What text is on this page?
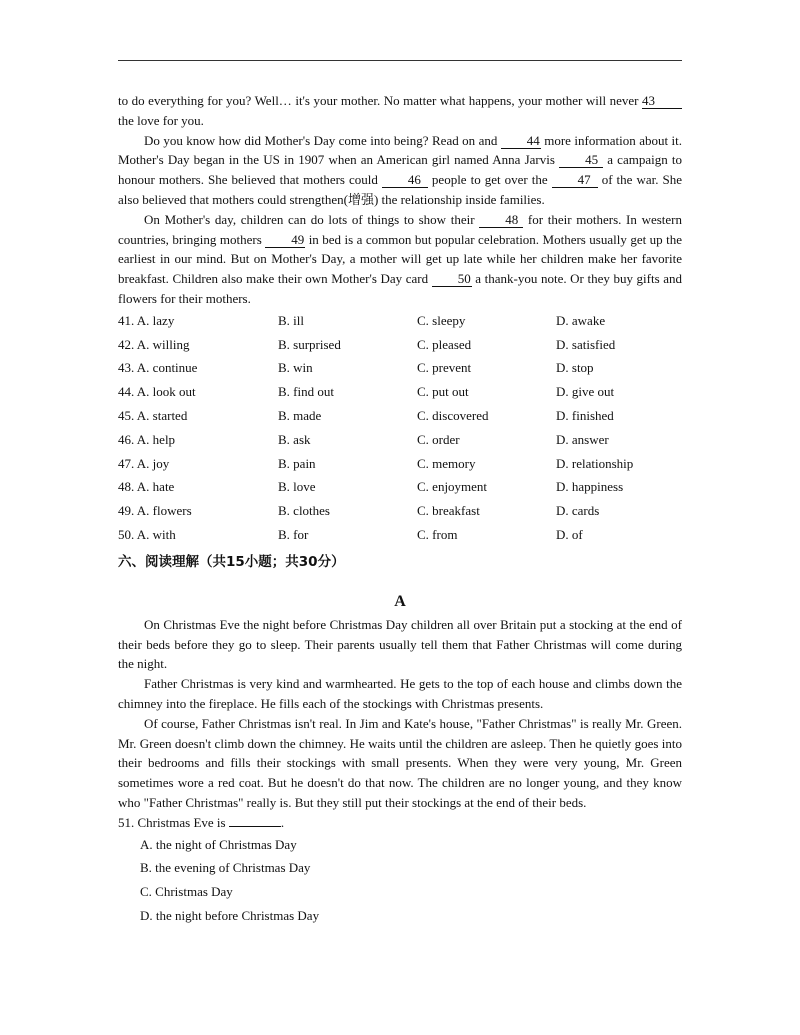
to do everything for you? Well… it's your mother. No matter what happens, your mother will never 43 the love for you.

Do you know how did Mother's Day come into being? Read on and 44 more information about it. Mother's Day began in the US in 1907 when an American girl named Anna Jarvis 45 a campaign to honour mothers. She believed that mothers could 46 people to get over the 47 of the war. She also believed that mothers could strengthen(增强) the relationship inside families.

On Mother's day, children can do lots of things to show their 48 for their mothers. In western countries, bringing mothers 49 in bed is a common but popular celebration. Mothers usually get up the earliest in our mind. But on Mother's Day, a mother will get up late while her children make her favorite breakfast. Children also make their own Mother's Day card 50 a thank-you note. Or they buy gifts and flowers for their mothers.

41. A. lazy	B. ill	C. sleepy	D. awake
42. A. willing	B. surprised	C. pleased	D. satisfied
43. A. continue	B. win	C. prevent	D. stop
44. A. look out	B. find out	C. put out	D. give out
45. A. started	B. made	C. discovered	D. finished
46. A. help	B. ask	C. order	D. answer
47. A. joy	B. pain	C. memory	D. relationship
48. A. hate	B. love	C. enjoyment	D. happiness
49. A. flowers	B. clothes	C. breakfast	D. cards
50. A. with	B. for	C. from	D. of
六、阅读理解（共15小题；共30分）
A

On Christmas Eve the night before Christmas Day children all over Britain put a stocking at the end of their beds before they go to sleep. Their parents usually tell them that Father Christmas will come during the night.

Father Christmas is very kind and warmhearted. He gets to the top of each house and climbs down the chimney into the fireplace. He fills each of the stockings with Christmas presents.

Of course, Father Christmas isn't real. In Jim and Kate's house, "Father Christmas" is really Mr. Green. Mr. Green doesn't climb down the chimney. He waits until the children are asleep. Then he quietly goes into their bedrooms and fills their stockings with small presents. When they were very young, Mr. Green sometimes wore a red coat. But he doesn't do that now. The children are no longer young, and they know who "Father Christmas" really is. But they still put their stockings at the end of their beds.

51. Christmas Eve is	.
A. the night of Christmas Day
B. the evening of Christmas Day
C. Christmas Day
D. the night before Christmas Day
